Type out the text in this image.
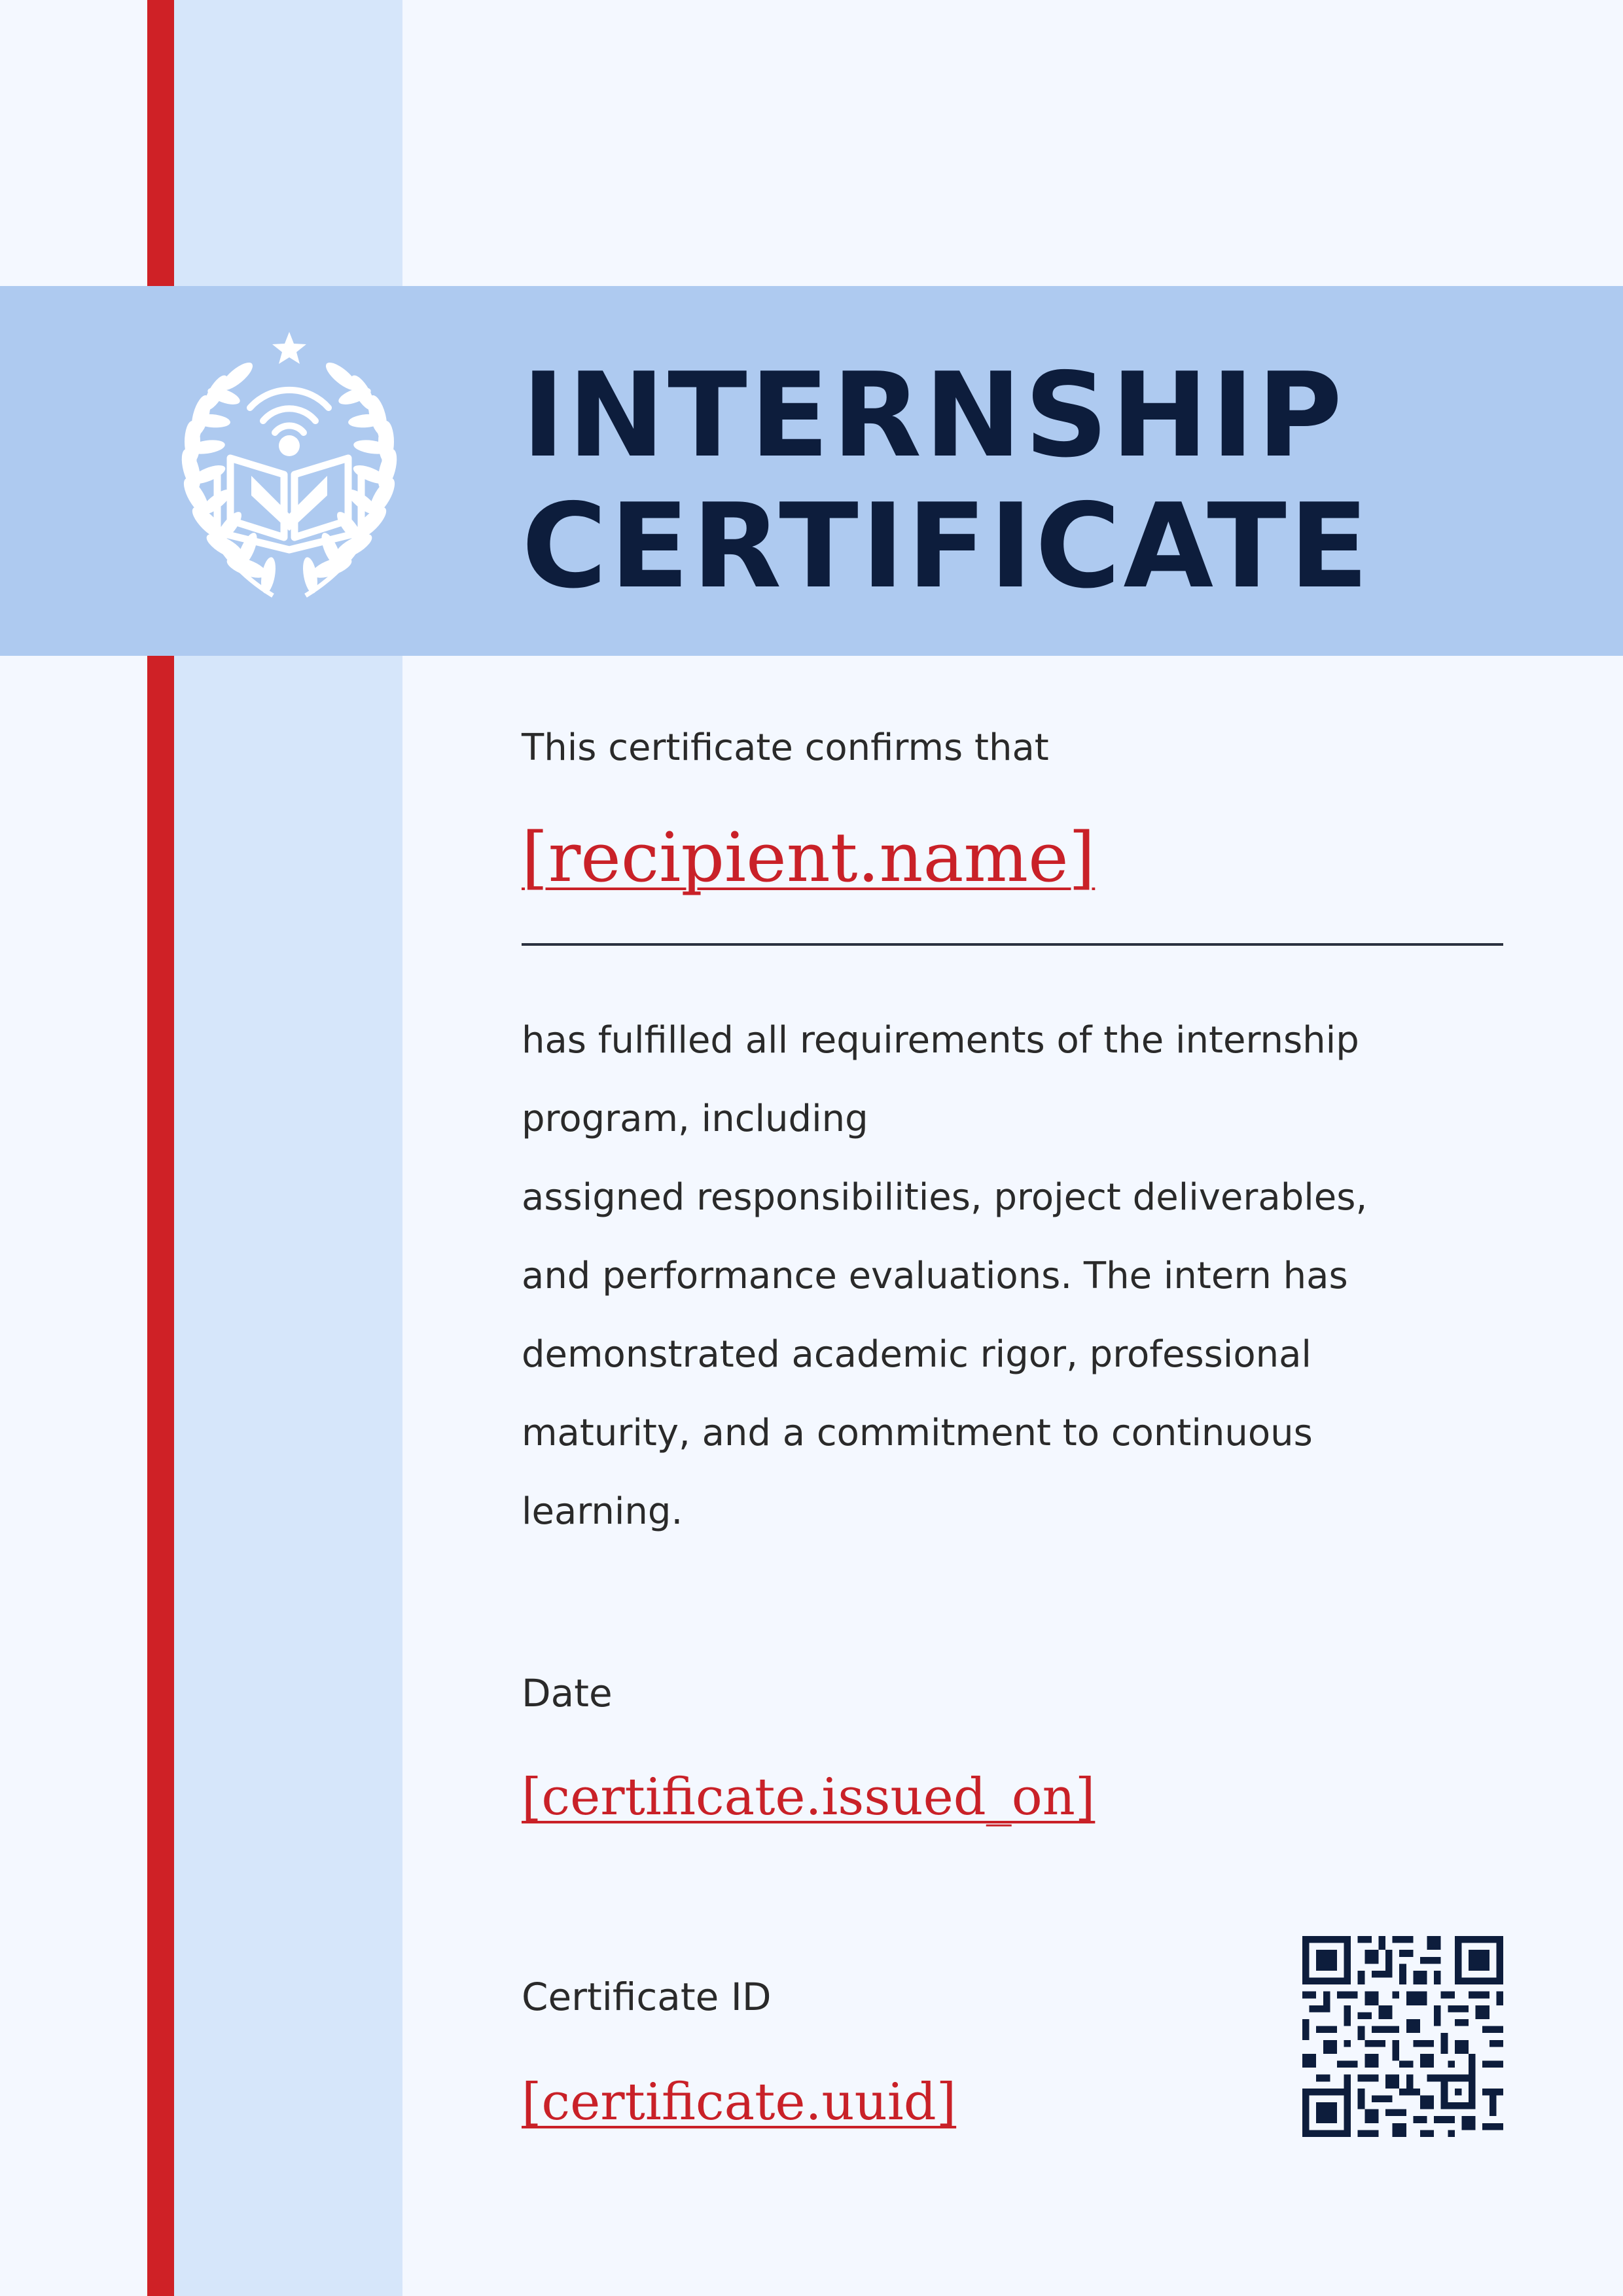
INTERNSHIP
CERTIFICATE
This certificate confirms that
[recipient.name]
has fulfilled all requirements of the internship
program, including
assigned responsibilities, project deliverables,
and performance evaluations. The intern has
demonstrated academic rigor, professional
maturity, and a commitment to continuous
learning.
Date
[certificate.issued_on]
Certificate ID
[certificate.uuid]
